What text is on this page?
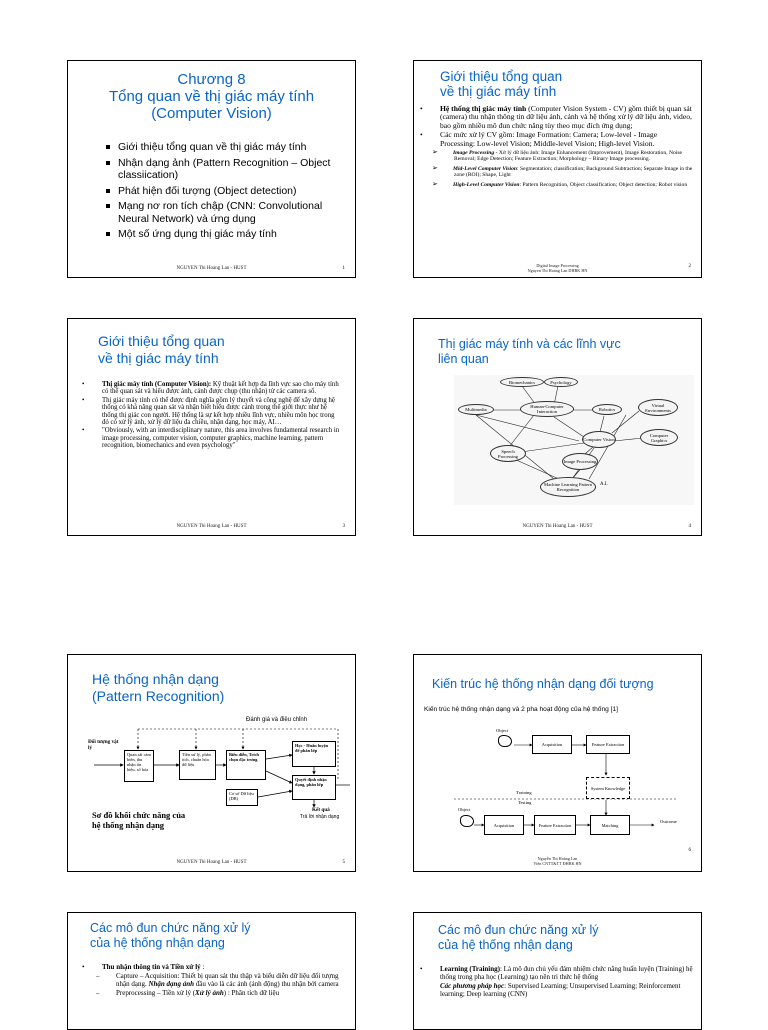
Chương 8
Tổng quan về thị giác máy tính
(Computer Vision)
Giới thiệu tổng quan về thị giác máy tính
Nhận dạng ảnh (Pattern Recognition – Object classiication)
Phát hiện đối tượng (Object detection)
Mạng nơ ron tích chập (CNN: Convolutional Neural Network) và ứng dụng
Một số ứng dụng thị giác máy tính
NGUYEN Thi Hoang Lan - HUST	1
Giới thiệu tổng quan
về thị giác máy tính

• Hệ thống thị giác máy tính (Computer Vision System - CV) gồm thiết bị quan sát (camera) thu nhận thông tin dữ liệu ảnh, cảnh và hệ thống xử lý dữ liệu ảnh, video, bao gồm nhiều mô đun chức năng tùy theo mục đích ứng dụng;

• Các mức xử lý CV gồm: Image Formation: Camera; Low-level - Image Processing: Low-level Vision; Middle-level Vision; High-level Vision.

➢	Image Processing - Xử lý dữ liệu ảnh: Image Enhancement (Improvement), Image Restoration, Noise Removal; Edge Detection; Feature Extraction; Morphology – Binary Image processing.

➢	Mid-Level Computer Vision: Segmentation; classification; Background Subtraction; Separate Image in the zone (ROI); Shape, Light

➢	High-Level Computer Vision: Pattern Recognition, Object classification; Object detection; Robot vision

Digital Image Processing
Nguyen Thi Hoang Lan DHBK HN
2
Giới thiệu tổng quan
về thị giác máy tính

•	Thị giác máy tính (Computer Vision): Kỹ thuật kết hợp đa lĩnh vực sao cho máy tính có thể quan sát và hiểu được ảnh, cảnh được chụp (thu nhận) từ các camera số.

•	Thị giác máy tính có thể được định nghĩa gồm lý thuyết và công nghệ để xây dựng hệ thống có khả năng quan sát và nhận biết hiểu được cảnh trong thế giới thực như hệ thống thị giác con người. Hệ thống là sự kết hợp nhiều lĩnh vực, nhiều môn học trong đó có xử lý ảnh, xử lý dữ liệu đa chiều, nhận dạng, học máy, AI…

•	"Obviously, with an interdisciplinary nature, this area involves fundamental research in image processing, computer vision, computer graphics, machine learning, pattern recognition, biomechanics and even psychology"

NGUYEN Thi Hoang Lan - HUST	3
Thị giác máy tính và các lĩnh vực
liên quan
Biomechanics	Psychology
Multimedia
Human-Computer Interaction	Robotics
Virtual Environments
Computer Vision
Computer Graphics
Speech Processing
Image Processing
Machine Learning Pattern Recognition
A.I.
NGUYEN Thi Hoang Lan - HUST	4
Hệ thống nhận dạng
(Pattern Recognition)
Đánh giá và điều chỉnh
Đối tượng vật lý
Quan sát cảm biến, thu nhận tín hiệu, số hóa
Tiền xử lý, phân tích, chuẩn hóa dữ liệu
Biểu diễn, Trích chọn đặc trưng
Học - Huấn luyện để phân lớp
Quyết định nhận dạng, phân lớp
Cơ sở Dữ liệu (DB)
Kết quả
Trả lời nhận dạng
Sơ đồ khối chức năng của
hệ thống nhận dạng
NGUYEN Thi Hoang Lan - HUST	5
Kiến trúc hệ thống nhận dạng đối tượng
Kiến trúc hệ thống nhận dạng và 2 pha hoạt động của hệ thống [1]
Object
Acquisition	Feature Extraction
Training
Testing
System Knowledge
Object
Acquisition	Feature Extraction	Matching
Outcome
Nguyễn Thị Hoàng Lan
Viện CNTT&TT ĐHBK HN
6
Các mô đun chức năng xử lý
của hệ thống nhận dạng

•	Thu nhận thông tin và Tiền xử lý :

– Capture – Acquisition: Thiết bị quan sát thu thập và biểu diễn dữ liệu đối tượng nhận dạng. Nhận dạng ảnh đầu vào là các ảnh (ảnh động) thu nhận bởi camera

– Preprocessing – Tiền xử lý (Xử lý ảnh) : Phân tích dữ liệu

Các mô đun chức năng xử lý
của hệ thống nhận dạng

•	Learning (Training): Là mô đun chủ yếu đảm nhiệm chức năng huấn luyện (Training) hệ thống trong pha học (Learning) tạo nền tri thức hệ thống

Các phương pháp học: Supervised Learning; Unsupervised Learning; Reinforcement learning; Deep learning (CNN)
